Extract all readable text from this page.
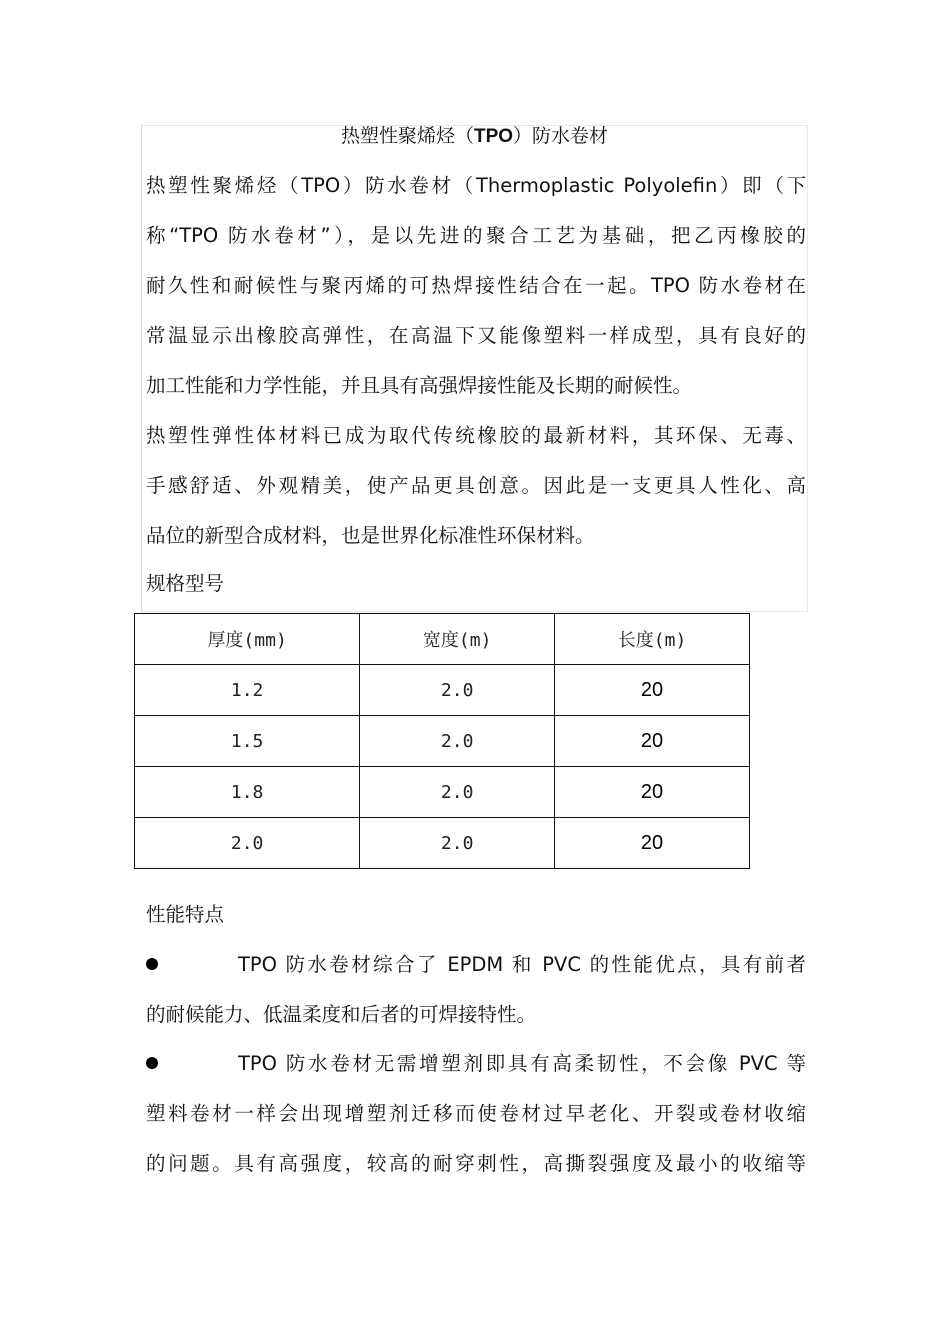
热塑性聚烯烃（TPO）防水卷材
热塑性聚烯烃（TPO）防水卷材（Thermoplastic Polyolefin）即（下
称“TPO 防水卷材”），是以先进的聚合工艺为基础，把乙丙橡胶的
耐久性和耐候性与聚丙烯的可热焊接性结合在一起。TPO 防水卷材在
常温显示出橡胶高弹性，在高温下又能像塑料一样成型，具有良好的
加工性能和力学性能，并且具有高强焊接性能及长期的耐候性。
热塑性弹性体材料已成为取代传统橡胶的最新材料，其环保、无毒、
手感舒适、外观精美，使产品更具创意。因此是一支更具人性化、高
品位的新型合成材料，也是世界化标准性环保材料。
规格型号
厚度(mm)	宽度(m)	长度(m)
1.2	2.0	20
1.5	2.0	20
1.8	2.0	20
2.0	2.0	20
性能特点
TPO 防水卷材综合了 EPDM 和 PVC 的性能优点，具有前者
的耐候能力、低温柔度和后者的可焊接特性。
TPO 防水卷材无需增塑剂即具有高柔韧性，不会像 PVC 等
塑料卷材一样会出现增塑剂迁移而使卷材过早老化、开裂或卷材收缩
的问题。具有高强度，较高的耐穿刺性，高撕裂强度及最小的收缩等
